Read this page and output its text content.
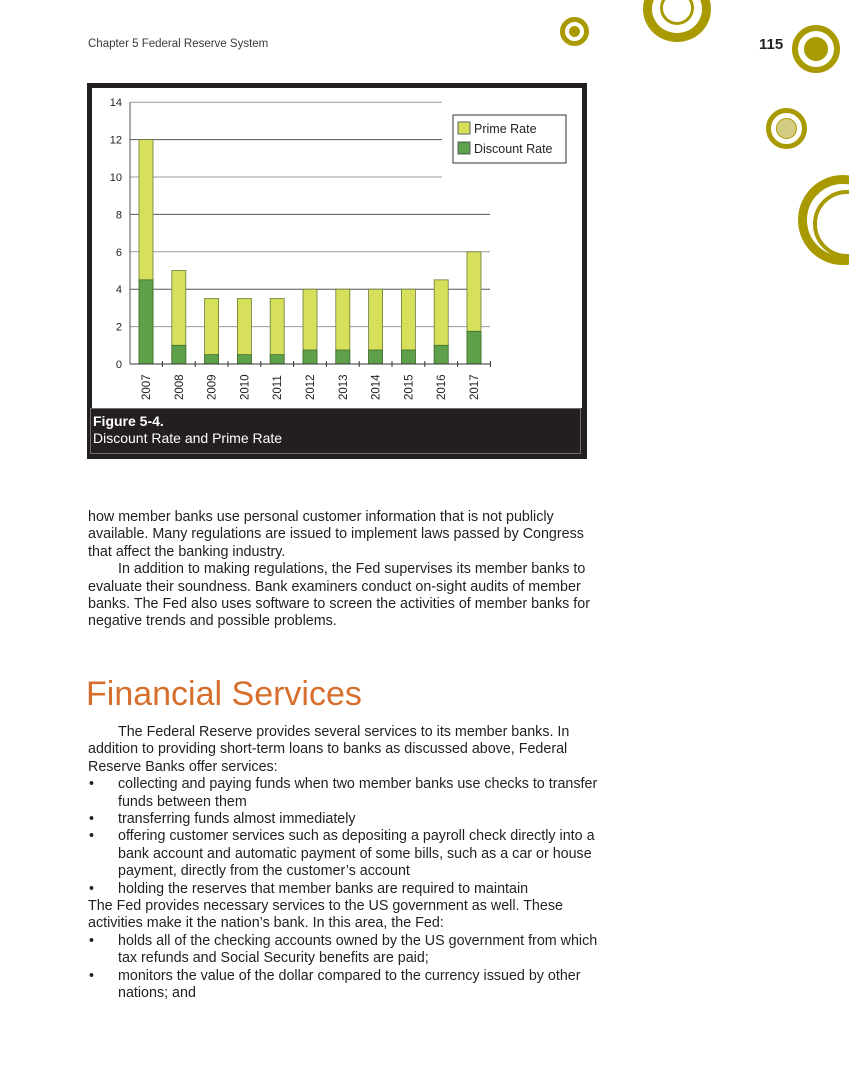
Chapter 5 Federal Reserve System	115
0
2
4
6
8
10
12
14
2007 2008 2009 2010 2011 2012 2013 2014 2015 2016 2017
Prime Rate
Discount Rate
Figure 5-4.
Discount Rate and Prime Rate

how member banks use personal customer information that is not publicly available. Many regulations are issued to implement laws passed by Congress that affect the banking industry.

In addition to making regulations, the Fed supervises its member banks to evaluate their soundness. Bank examiners conduct on-sight audits of member banks. The Fed also uses software to screen the activities of member banks for negative trends and possible problems.

Financial Services

The Federal Reserve provides several services to its member banks. In addition to providing short-term loans to banks as discussed above, Federal Reserve Banks offer services:

• collecting and paying funds when two member banks use checks to transfer funds between them
• transferring funds almost immediately
• offering customer services such as depositing a payroll check directly into a bank account and automatic payment of some bills, such as a car or house payment, directly from the customer’s account
• holding the reserves that member banks are required to maintain

The Fed provides necessary services to the US government as well. These activities make it the nation’s bank. In this area, the Fed:

• holds all of the checking accounts owned by the US government from which tax refunds and Social Security benefits are paid;
• monitors the value of the dollar compared to the currency issued by other nations; and
